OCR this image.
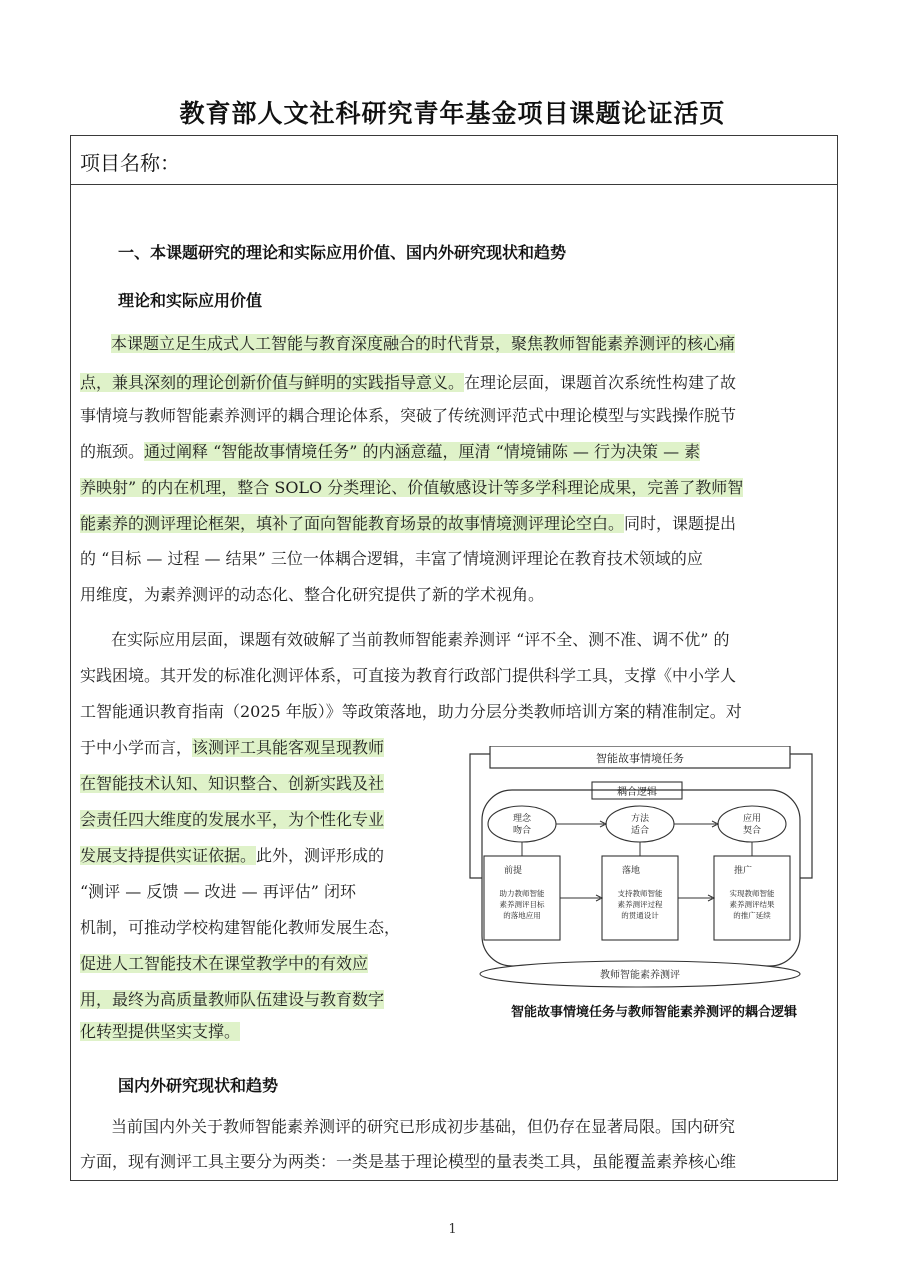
教育部人文社科研究青年基金项目课题论证活页
项目名称：
一、本课题研究的理论和实际应用价值、国内外研究现状和趋势
理论和实际应用价值
本课题立足生成式人工智能与教育深度融合的时代背景，聚焦教师智能素养测评的核心痛
点，兼具深刻的理论创新价值与鲜明的实践指导意义。在理论层面，课题首次系统性构建了故
事情境与教师智能素养测评的耦合理论体系，突破了传统测评范式中理论模型与实践操作脱节
的瓶颈。通过阐释 “智能故事情境任务” 的内涵意蕴，厘清 “情境铺陈 — 行为决策 — 素
养映射” 的内在机理，整合 SOLO 分类理论、价值敏感设计等多学科理论成果，完善了教师智
能素养的测评理论框架，填补了面向智能教育场景的故事情境测评理论空白。同时，课题提出
的 “目标 — 过程 — 结果” 三位一体耦合逻辑，丰富了情境测评理论在教育技术领域的应
用维度，为素养测评的动态化、整合化研究提供了新的学术视角。
在实际应用层面，课题有效破解了当前教师智能素养测评 “评不全、测不准、调不优” 的
实践困境。其开发的标准化测评体系，可直接为教育行政部门提供科学工具，支撑《中小学人
工智能通识教育指南（2025 年版）》等政策落地，助力分层分类教师培训方案的精准制定。对
于中小学而言，该测评工具能客观呈现教师
在智能技术认知、知识整合、创新实践及社
会责任四大维度的发展水平，为个性化专业
发展支持提供实证依据。此外，测评形成的
“测评 — 反馈 — 改进 — 再评估” 闭环
机制，可推动学校构建智能化教师发展生态，
促进人工智能技术在课堂教学中的有效应
用，最终为高质量教师队伍建设与教育数字
化转型提供坚实支撑。
智能故事情境任务
耦合逻辑
理念
吻合
方法
适合
应用
契合
前提
助力教师智能
素养测评目标
的落地应用
落地
支持教师智能
素养测评过程
的贯通设计
推广
实现教师智能
素养测评结果
的推广延续
教师智能素养测评
智能故事情境任务与教师智能素养测评的耦合逻辑
国内外研究现状和趋势
当前国内外关于教师智能素养测评的研究已形成初步基础，但仍存在显著局限。国内研究
方面，现有测评工具主要分为两类：一类是基于理论模型的量表类工具，虽能覆盖素养核心维
1
